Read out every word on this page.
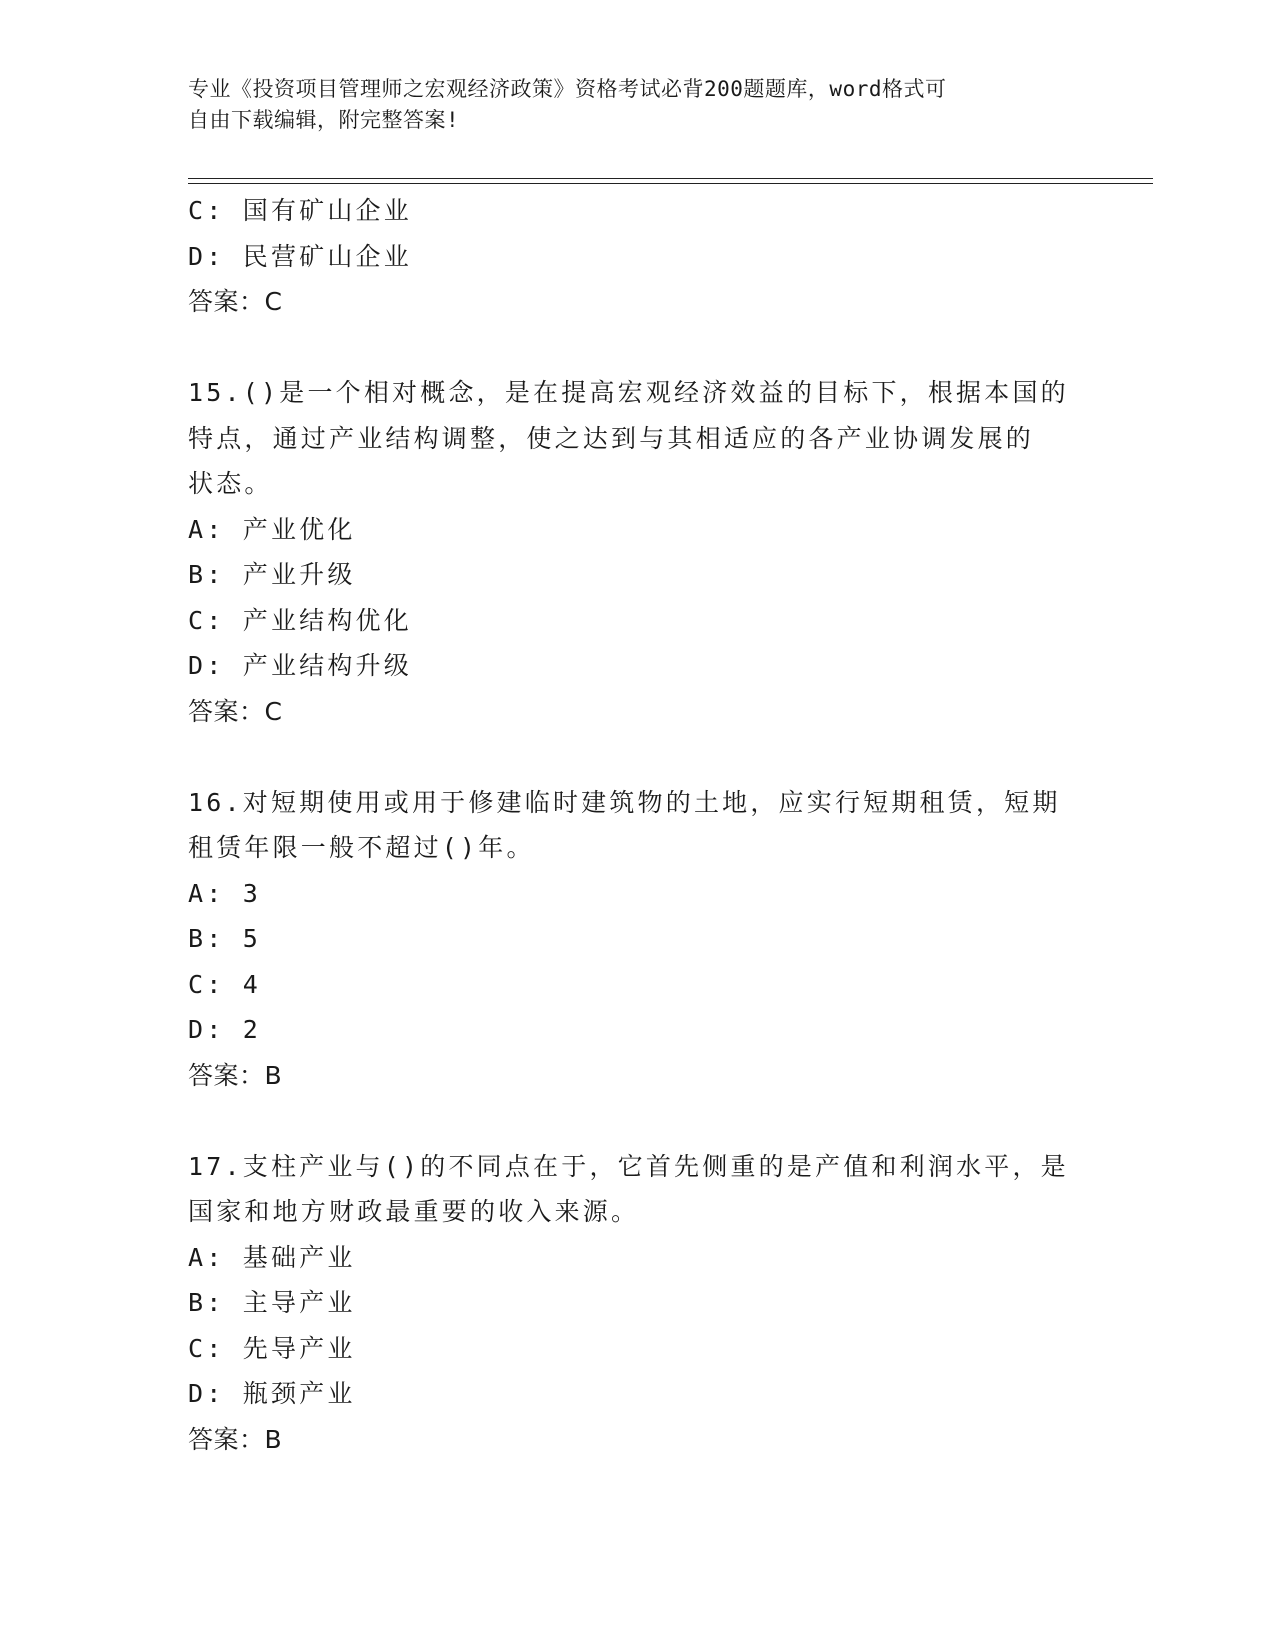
专业《投资项目管理师之宏观经济政策》资格考试必背200题题库，word格式可
自由下载编辑，附完整答案!
C: 国有矿山企业
D: 民营矿山企业
答案：C
15.()是一个相对概念，是在提高宏观经济效益的目标下，根据本国的
特点，通过产业结构调整，使之达到与其相适应的各产业协调发展的
状态。
A: 产业优化
B: 产业升级
C: 产业结构优化
D: 产业结构升级
答案：C
16.对短期使用或用于修建临时建筑物的土地，应实行短期租赁，短期
租赁年限一般不超过()年。
A: 3
B: 5
C: 4
D: 2
答案：B
17.支柱产业与()的不同点在于，它首先侧重的是产值和利润水平，是
国家和地方财政最重要的收入来源。
A: 基础产业
B: 主导产业
C: 先导产业
D: 瓶颈产业
答案：B
